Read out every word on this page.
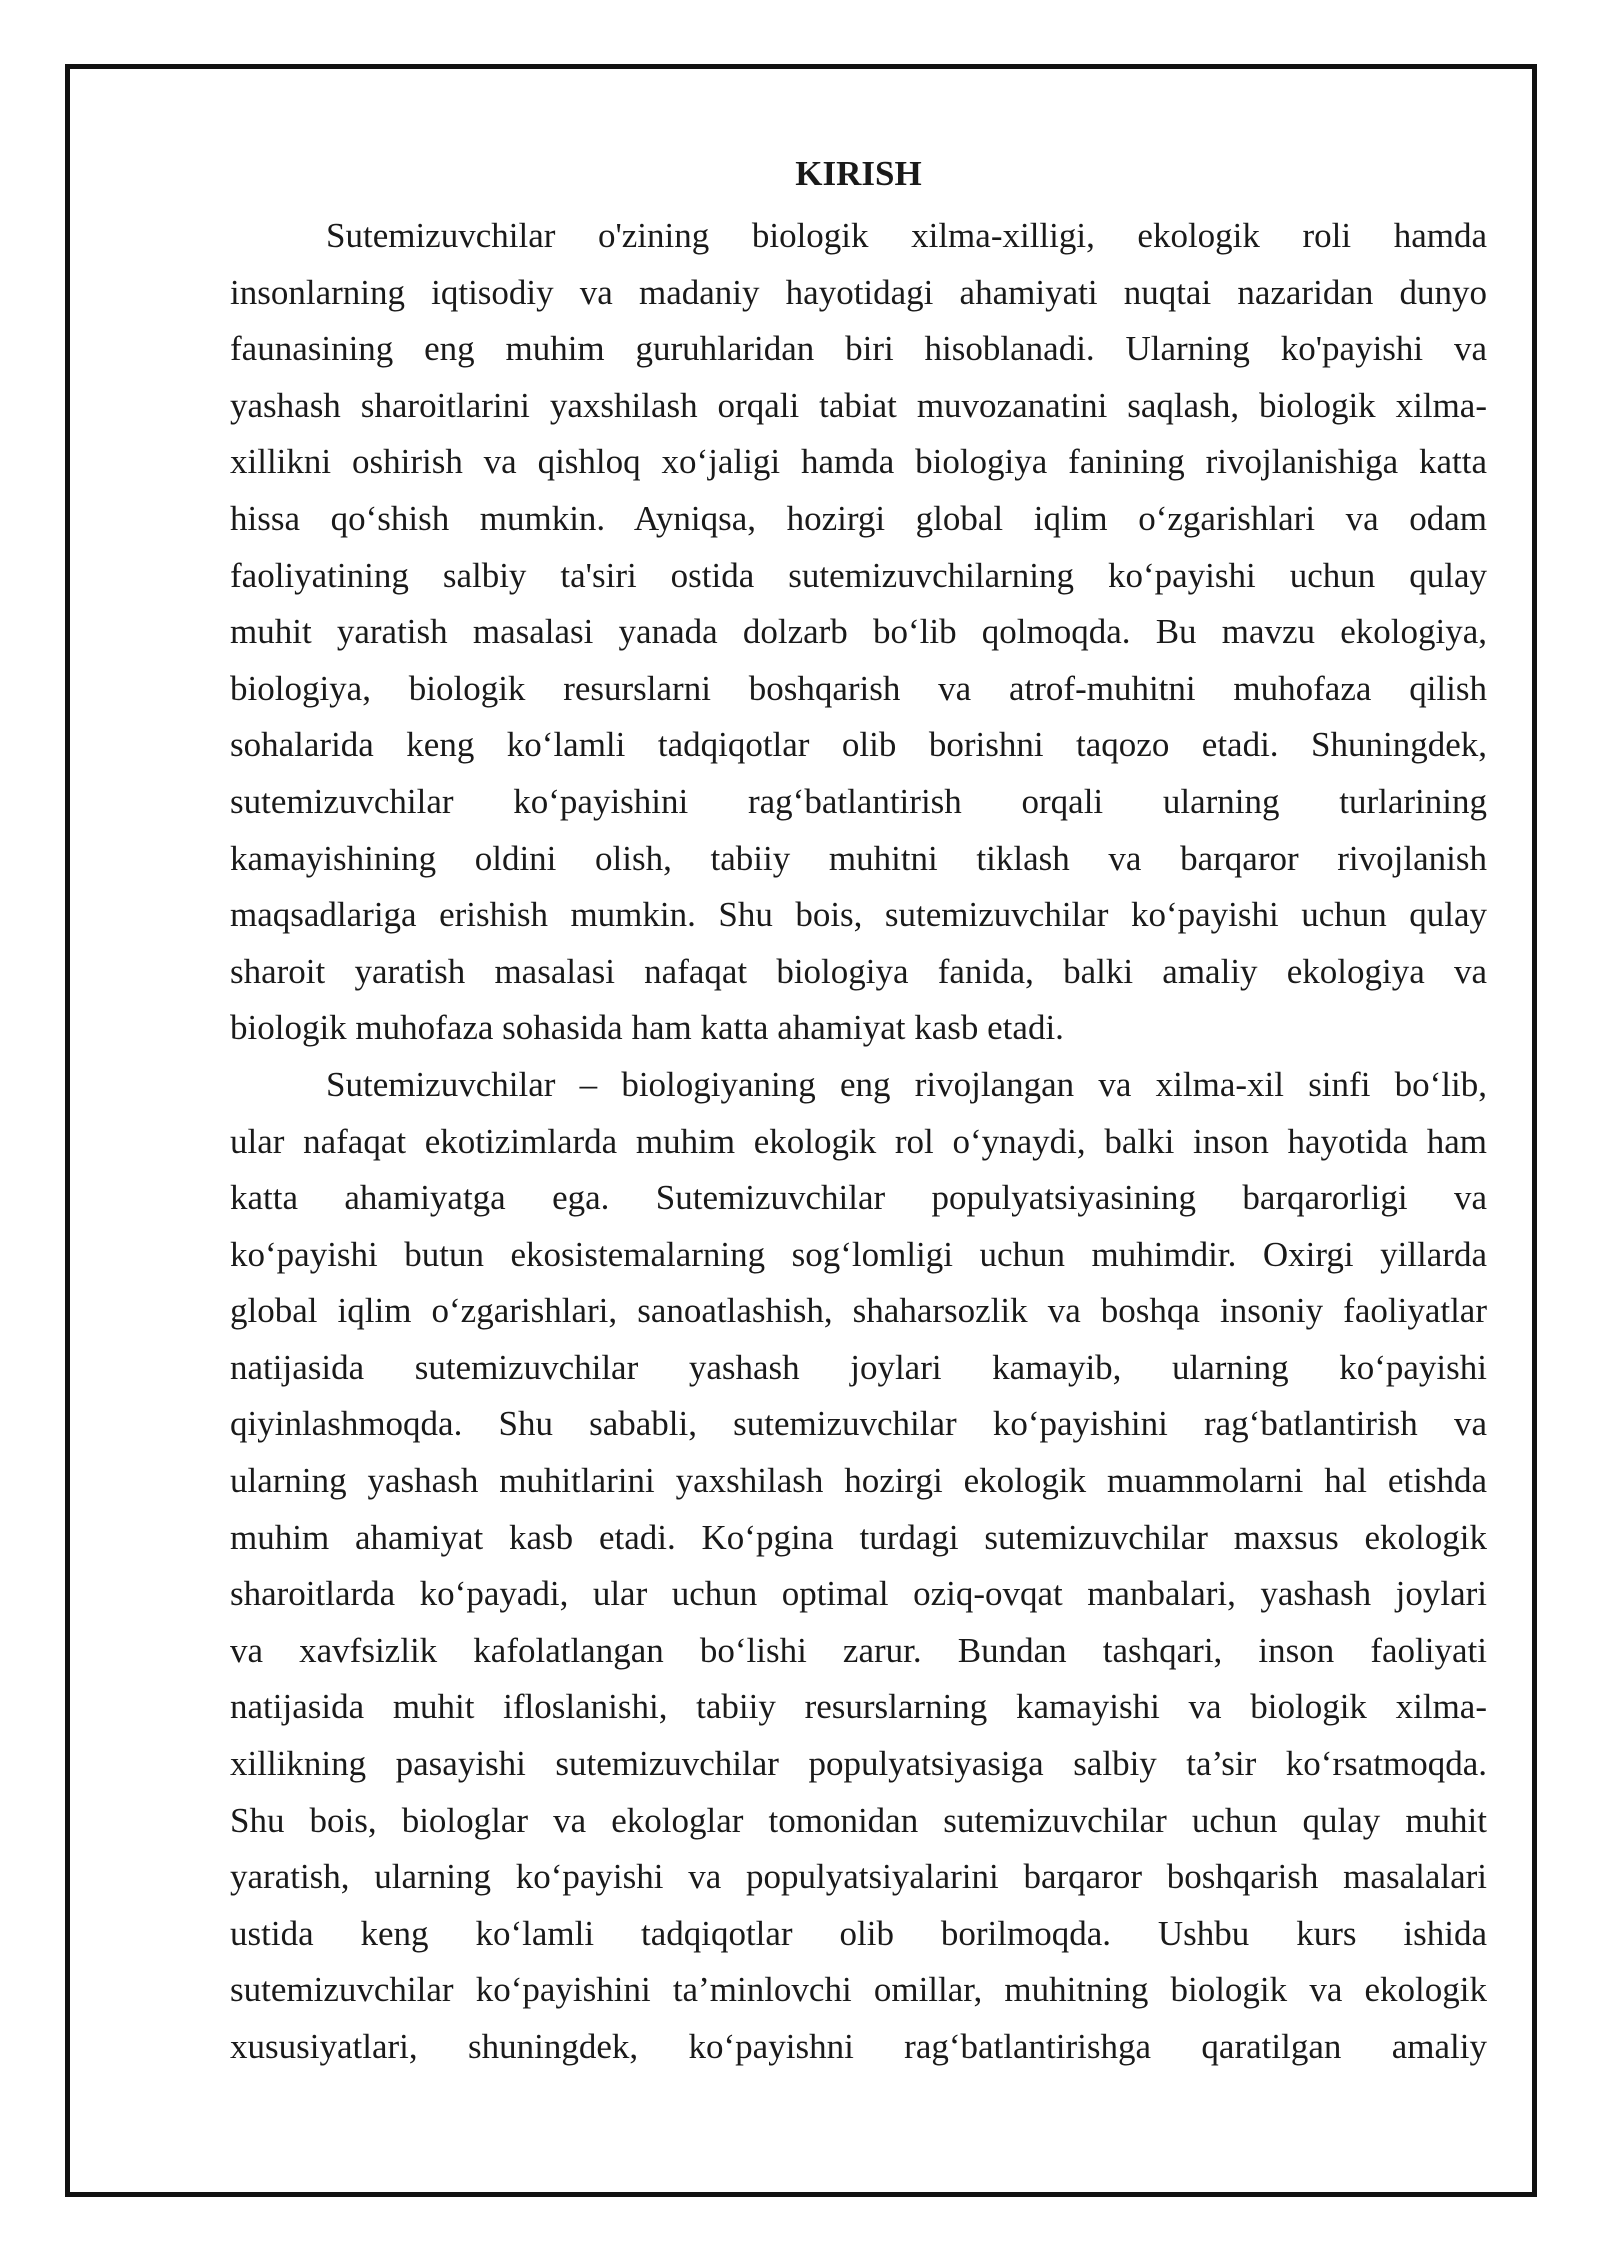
KIRISH
Sutemizuvchilar o'zining biologik xilma-xilligi, ekologik roli hamda
insonlarning iqtisodiy va madaniy hayotidagi ahamiyati nuqtai nazaridan dunyo
faunasining eng muhim guruhlaridan biri hisoblanadi. Ularning ko'payishi va
yashash sharoitlarini yaxshilash orqali tabiat muvozanatini saqlash, biologik xilma-
xillikni oshirish va qishloq xo‘jaligi hamda biologiya fanining rivojlanishiga katta
hissa qo‘shish mumkin. Ayniqsa, hozirgi global iqlim o‘zgarishlari va odam
faoliyatining salbiy ta'siri ostida sutemizuvchilarning ko‘payishi uchun qulay
muhit yaratish masalasi yanada dolzarb bo‘lib qolmoqda. Bu mavzu ekologiya,
biologiya, biologik resurslarni boshqarish va atrof-muhitni muhofaza qilish
sohalarida keng ko‘lamli tadqiqotlar olib borishni taqozo etadi. Shuningdek,
sutemizuvchilar ko‘payishini rag‘batlantirish orqali ularning turlarining
kamayishining oldini olish, tabiiy muhitni tiklash va barqaror rivojlanish
maqsadlariga erishish mumkin. Shu bois, sutemizuvchilar ko‘payishi uchun qulay
sharoit yaratish masalasi nafaqat biologiya fanida, balki amaliy ekologiya va
biologik muhofaza sohasida ham katta ahamiyat kasb etadi.
Sutemizuvchilar – biologiyaning eng rivojlangan va xilma-xil sinfi bo‘lib,
ular nafaqat ekotizimlarda muhim ekologik rol o‘ynaydi, balki inson hayotida ham
katta ahamiyatga ega. Sutemizuvchilar populyatsiyasining barqarorligi va
ko‘payishi butun ekosistemalarning sog‘lomligi uchun muhimdir. Oxirgi yillarda
global iqlim o‘zgarishlari, sanoatlashish, shaharsozlik va boshqa insoniy faoliyatlar
natijasida sutemizuvchilar yashash joylari kamayib, ularning ko‘payishi
qiyinlashmoqda. Shu sababli, sutemizuvchilar ko‘payishini rag‘batlantirish va
ularning yashash muhitlarini yaxshilash hozirgi ekologik muammolarni hal etishda
muhim ahamiyat kasb etadi. Ko‘pgina turdagi sutemizuvchilar maxsus ekologik
sharoitlarda ko‘payadi, ular uchun optimal oziq-ovqat manbalari, yashash joylari
va xavfsizlik kafolatlangan bo‘lishi zarur. Bundan tashqari, inson faoliyati
natijasida muhit ifloslanishi, tabiiy resurslarning kamayishi va biologik xilma-
xillikning pasayishi sutemizuvchilar populyatsiyasiga salbiy ta’sir ko‘rsatmoqda.
Shu bois, biologlar va ekologlar tomonidan sutemizuvchilar uchun qulay muhit
yaratish, ularning ko‘payishi va populyatsiyalarini barqaror boshqarish masalalari
ustida keng ko‘lamli tadqiqotlar olib borilmoqda. Ushbu kurs ishida
sutemizuvchilar ko‘payishini ta’minlovchi omillar, muhitning biologik va ekologik
xususiyatlari, shuningdek, ko‘payishni rag‘batlantirishga qaratilgan amaliy
